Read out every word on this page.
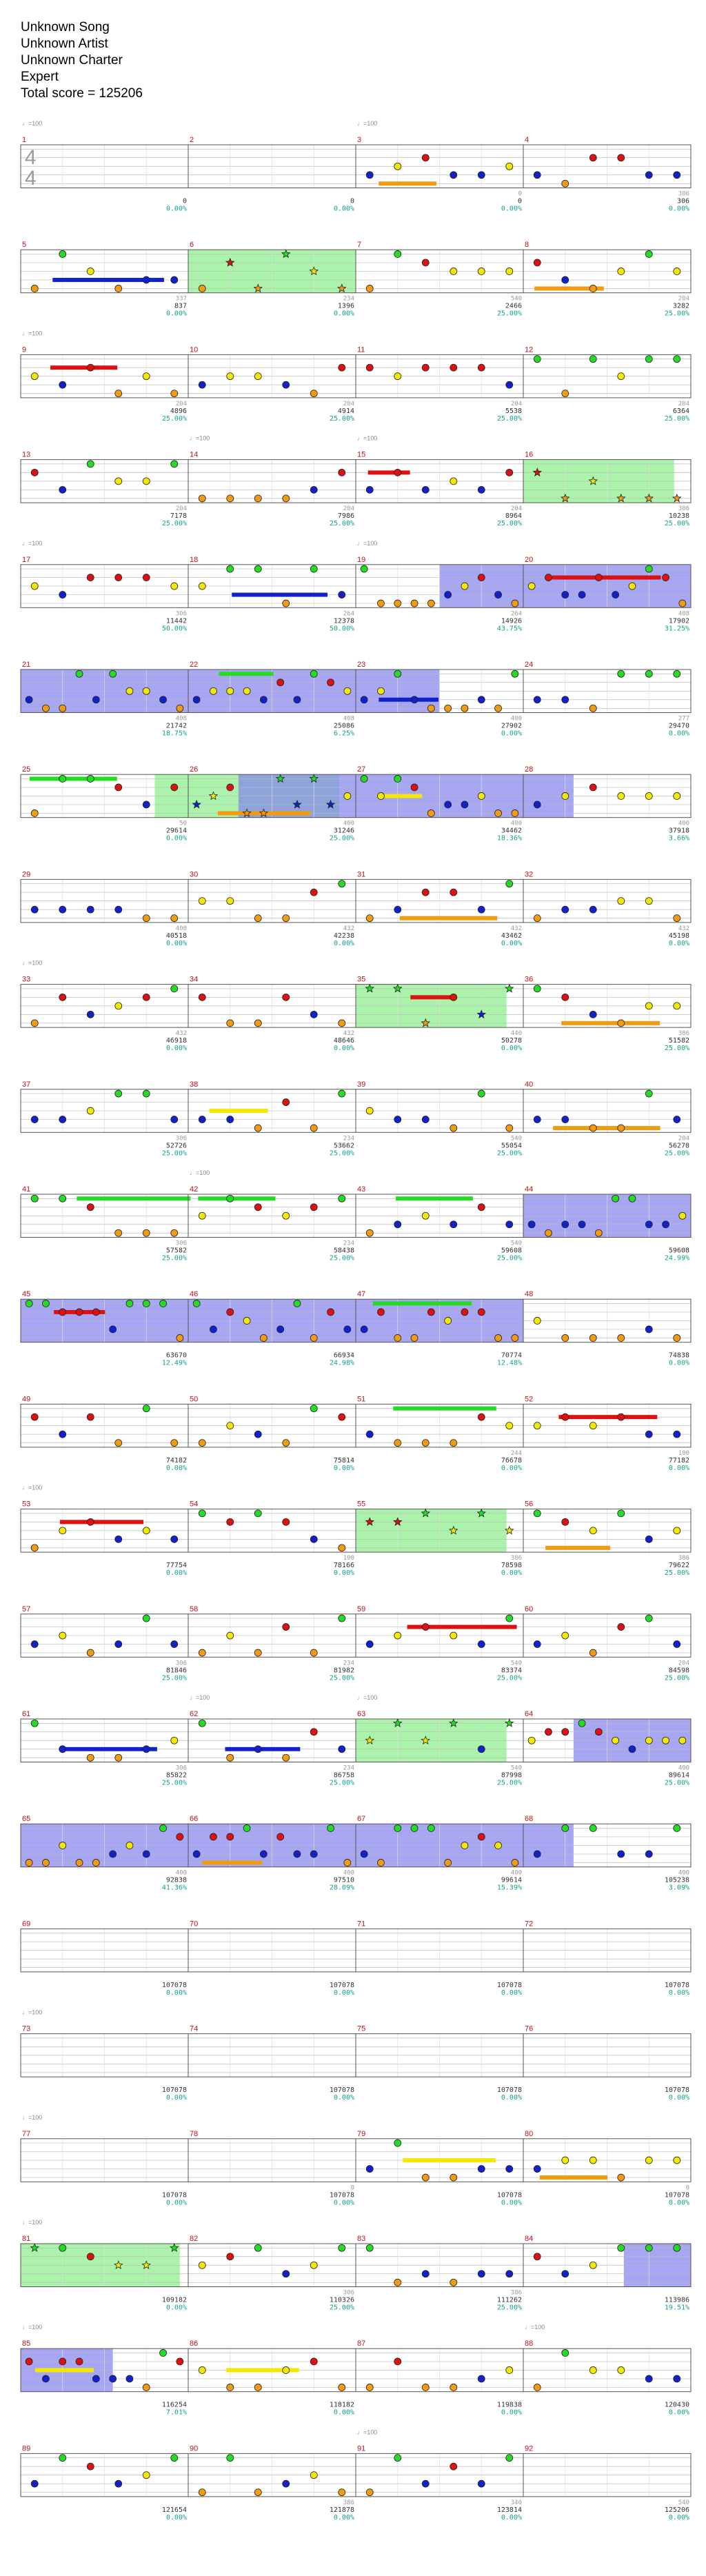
Unknown Song
Unknown Artist
Unknown Charter
Expert
Total score = 125206
1
♩=100
0
0.00%
4
4
2
0
0.00%
3
♩=100
0
0
0.00%
4
306
306
0.00%
5
337
837
0.00%
6
234
1396
0.00%
7
540
2466
25.00%
8
204
3282
25.00%
9
♩=100
204
4896
25.00%
10
204
4914
25.00%
11
204
5538
25.00%
12
204
6364
25.00%
13
204
7178
25.00%
14
♩=100
204
7986
25.00%
15
♩=100
204
8964
25.00%
16
306
10238
25.00%
17
♩=100
306
11442
50.00%
18
264
12378
50.00%
19
♩=100
264
14926
43.75%
20
408
17902
31.25%
21
408
21742
18.75%
22
408
25086
6.25%
23
400
27902
0.00%
24
277
29470
0.00%
25
50
29614
0.00%
26
400
31246
25.00%
27
400
34462
18.36%
28
400
37918
3.66%
29
400
40518
0.00%
30
432
42238
0.00%
31
432
43462
0.00%
32
432
45198
0.00%
33
♩=100
432
46918
0.00%
34
432
48646
0.00%
35
440
50278
0.00%
36
386
51582
25.00%
37
306
52726
25.00%
38
234
53662
25.00%
39
540
55054
25.00%
40
204
56278
25.00%
41
306
57582
25.00%
42
♩=100
234
58438
25.00%
43
540
59608
25.00%
44
59608
24.99%
45
63670
12.49%
46
66934
24.98%
47
70774
12.48%
48
74838
0.00%
49
74182
0.00%
50
75814
0.00%
51
244
76678
0.00%
52
100
77182
0.00%
53
♩=100
77754
0.00%
54
100
78166
0.00%
55
386
78598
0.00%
56
386
79622
25.00%
57
306
81846
25.00%
58
234
81982
25.00%
59
540
83374
25.00%
60
204
84598
25.00%
61
306
85822
25.00%
62
♩=100
234
86758
25.00%
63
♩=100
540
87998
25.00%
64
400
89614
25.00%
65
400
92838
41.36%
66
400
97510
28.09%
67
400
99614
15.39%
68
400
105238
3.09%
69
107078
0.00%
70
107078
0.00%
71
107078
0.00%
72
107078
0.00%
73
♩=100
107078
0.00%
74
107078
0.00%
75
107078
0.00%
76
107078
0.00%
77
♩=100
107078
0.00%
78
0
107078
0.00%
79
107078
0.00%
80
0
107078
0.00%
81
♩=100
109182
0.00%
82
306
110326
25.00%
83
386
111262
25.00%
84
113986
19.51%
85
♩=100
116254
7.01%
86
118182
0.00%
87
119838
0.00%
88
♩=100
120430
0.00%
89
121654
0.00%
90
386
121878
0.00%
91
♩=100
340
123814
0.00%
92
540
125206
0.00%
